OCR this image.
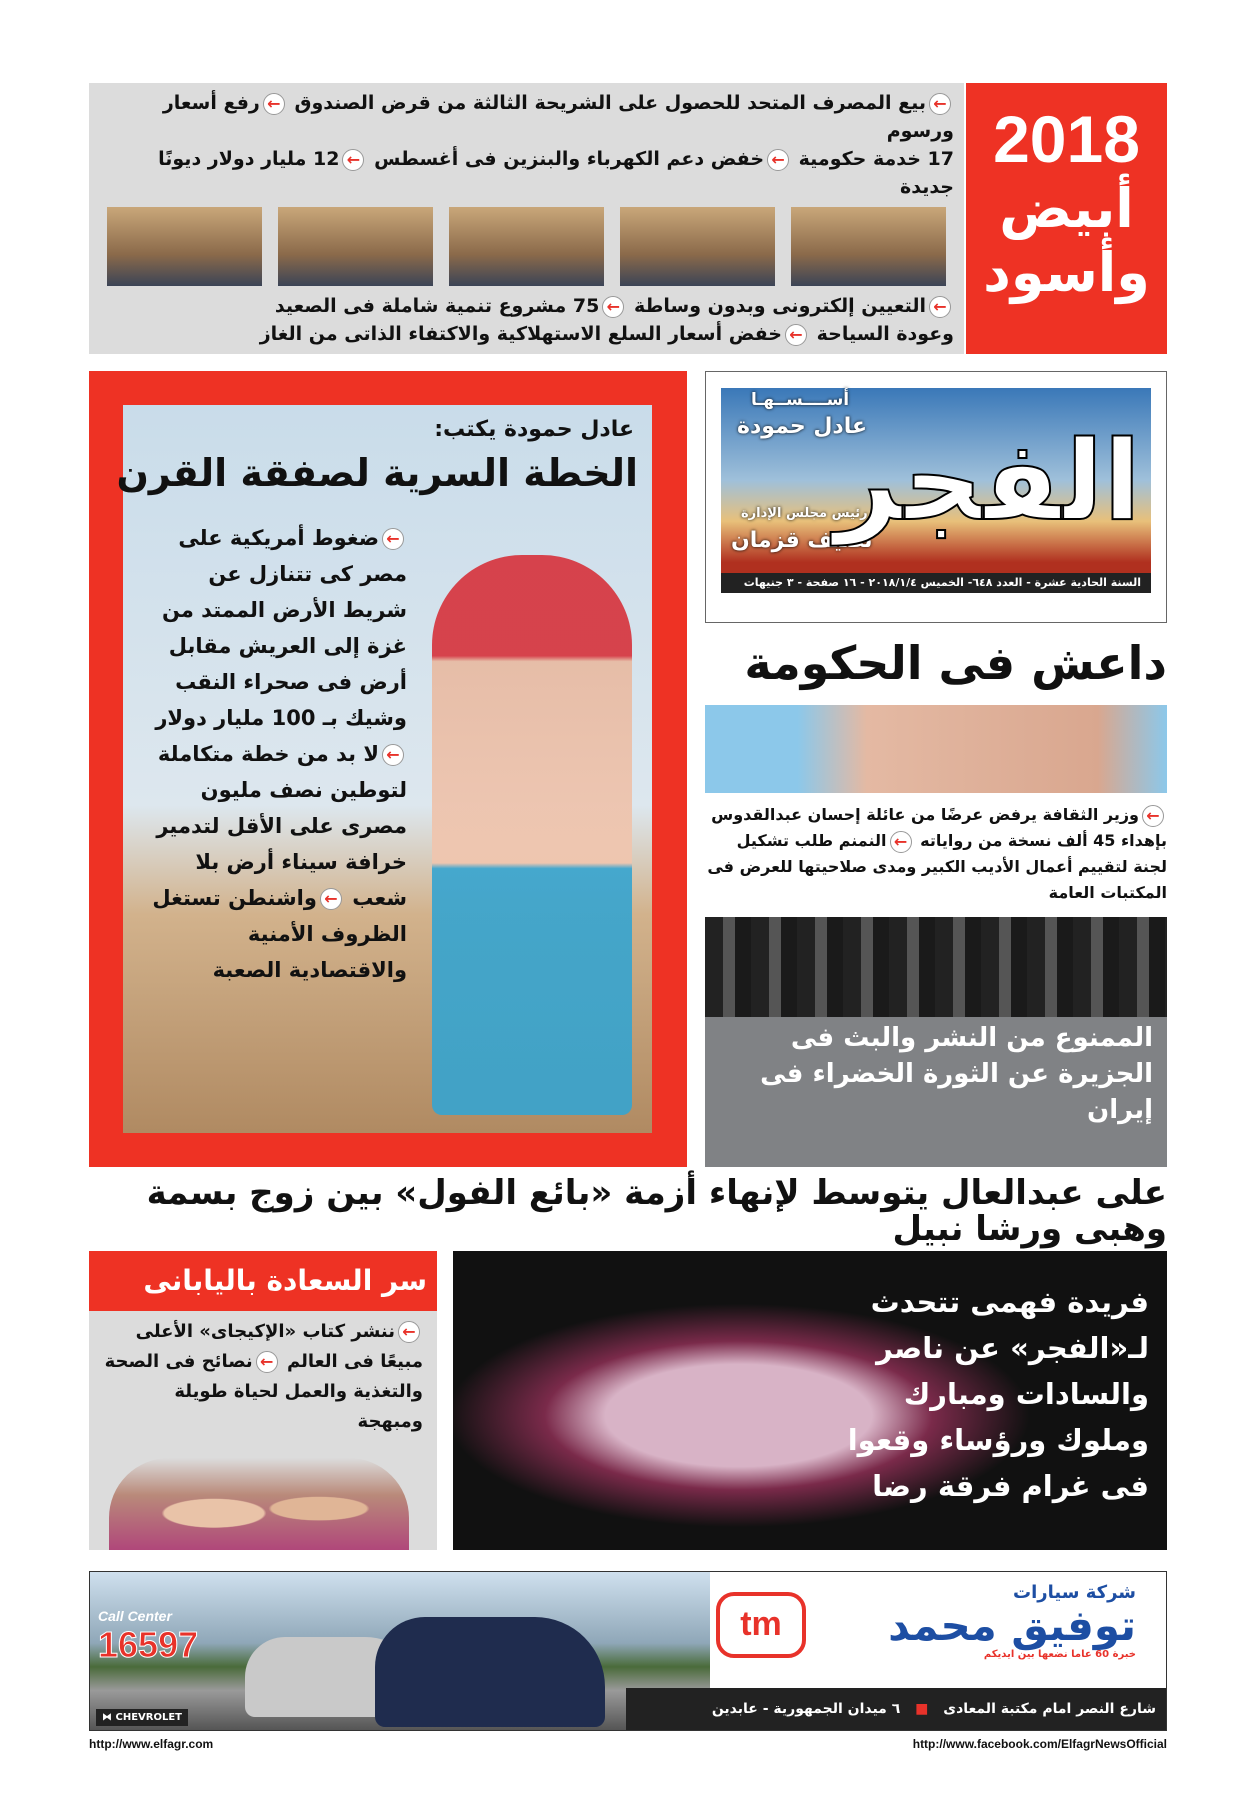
←بيع المصرف المتحد للحصول على الشريحة الثالثة من قرض الصندوق ←رفع أسعار ورسوم
17 خدمة حكومية ←خفض دعم الكهرباء والبنزين فى أغسطس ←12 مليار دولار ديونًا جديدة
←التعيين إلكترونى وبدون وساطة ←75 مشروع تنمية شاملة فى الصعيد
وعودة السياحة ←خفض أسعار السلع الاستهلاكية والاكتفاء الذاتى من الغاز
2018
أبيض
وأسود
عادل حمودة يكتب:
الخطة السرية لصفقة القرن
←ضغوط أمريكية على مصر كى تتنازل عن شريط الأرض الممتد من غزة إلى العريش مقابل أرض فى صحراء النقب وشيك بـ 100 مليار دولار ←لا بد من خطة متكاملة لتوطين نصف مليون مصرى على الأقل لتدمير خرافة سيناء أرض بلا شعب ←واشنطن تستغل الظروف الأمنية والاقتصادية الصعبة
أســــســهـا
عادل حمودة
رئيس مجلس الإدارة
نصيف قزمان
الفجر
السنة الحادية عشرة - العدد ٦٤٨- الخميس ٢٠١٨/١/٤ - ١٦ صفحة - ٣ جنيهات
داعش فى الحكومة
←وزير الثقافة يرفض عرضًا من عائلة إحسان عبدالقدوس بإهداء 45 ألف نسخة من رواياته ←النمنم طلب تشكيل لجنة لتقييم أعمال الأديب الكبير ومدى صلاحيتها للعرض فى المكتبات العامة
الممنوع من النشر والبث فى
الجزيرة عن الثورة الخضراء فى إيران
على عبدالعال يتوسط لإنهاء أزمة «بائع الفول» بين زوج بسمة وهبى ورشا نبيل
سر السعادة باليابانى
←ننشر كتاب «الإكيجاى» الأعلى مبيعًا فى العالم ←نصائح فى الصحة والتغذية والعمل لحياة طويلة ومبهجة
فريدة فهمى تتحدث
لـ«الفجر» عن ناصر
والسادات ومبارك
وملوك ورؤساء وقعوا
فى غرام فرقة رضا
Call Center
16597
⧓ CHEVROLET
tm
شركة سيارات
توفيق محمد
خبرة 60 عاما نضعها بين ايديكم
شارع النصر امام مكتبة المعادى ■ ٦ ميدان الجمهورية - عابدين
http://www.elfagr.com	http://www.facebook.com/ElfagrNewsOfficial
